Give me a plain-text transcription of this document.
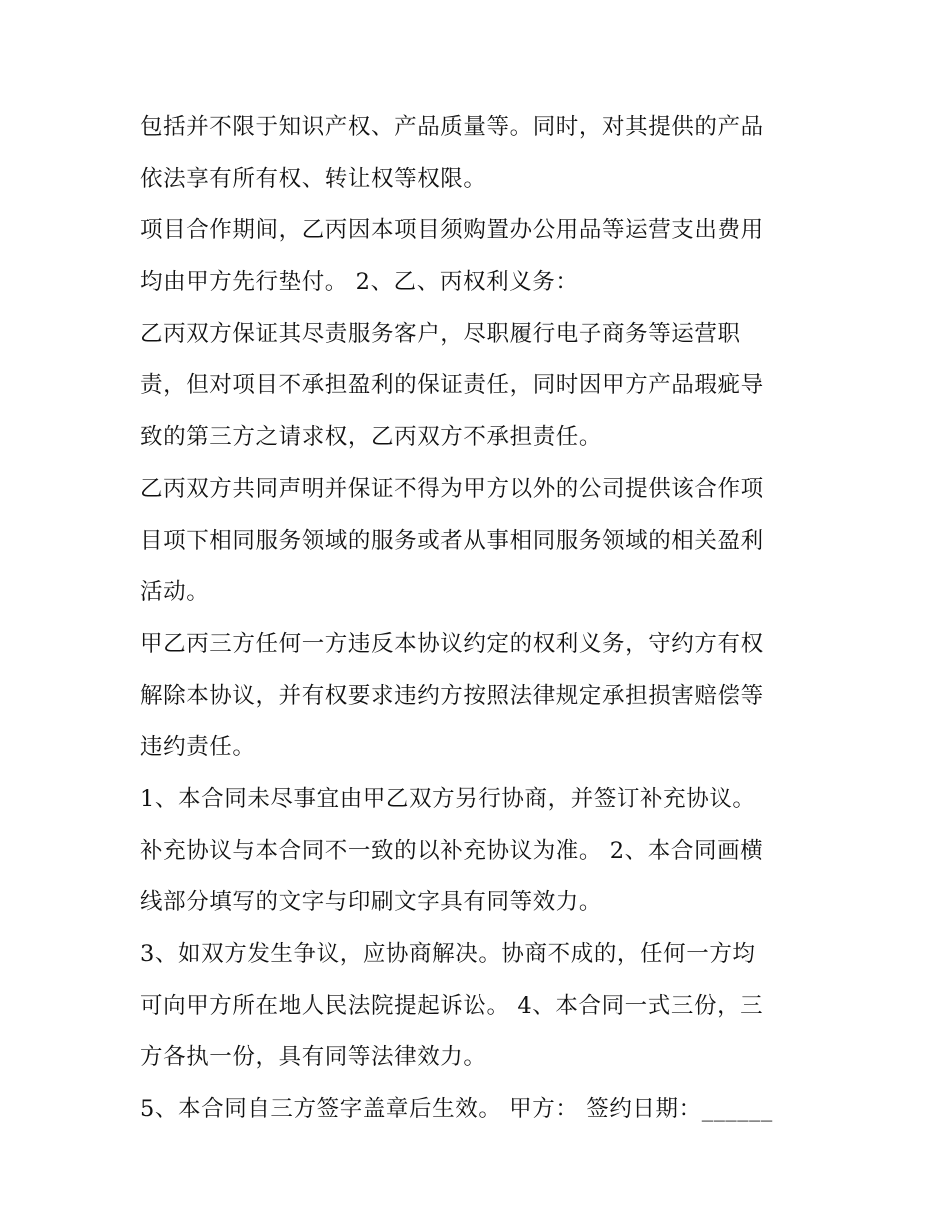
包括并不限于知识产权、产品质量等。同时，对其提供的产品
依法享有所有权、转让权等权限。
项目合作期间，乙丙因本项目须购置办公用品等运营支出费用
均由甲方先行垫付。 2、乙、丙权利义务：
乙丙双方保证其尽责服务客户，尽职履行电子商务等运营职
责，但对项目不承担盈利的保证责任，同时因甲方产品瑕疵导
致的第三方之请求权，乙丙双方不承担责任。
乙丙双方共同声明并保证不得为甲方以外的公司提供该合作项
目项下相同服务领域的服务或者从事相同服务领域的相关盈利
活动。
甲乙丙三方任何一方违反本协议约定的权利义务，守约方有权
解除本协议，并有权要求违约方按照法律规定承担损害赔偿等
违约责任。
1、本合同未尽事宜由甲乙双方另行协商，并签订补充协议。
补充协议与本合同不一致的以补充协议为准。 2、本合同画横
线部分填写的文字与印刷文字具有同等效力。
3、如双方发生争议，应协商解决。协商不成的，任何一方均
可向甲方所在地人民法院提起诉讼。 4、本合同一式三份，三
方各执一份，具有同等法律效力。
5、本合同自三方签字盖章后生效。 甲方： 签约日期：______
